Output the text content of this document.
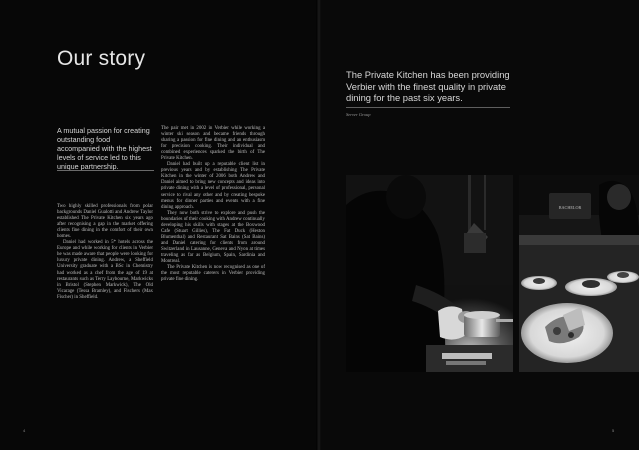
Our story
A mutual passion for creating outstanding food accompanied with the highest levels of service led to this unique partnership.

Two highly skilled professionals from polar backgrounds Daniel Gualotti and Andrew Taylor established The Private Kitchen six years ago after recognising a gap in the market offering clients fine dining in the comfort of their own homes.

Daniel had worked in 5* hotels across the Europe and while working for clients in Verbier he was made aware that people were looking for luxury private dining. Andrew, a Sheffield University graduate with a BSc in Chemistry had worked as a chef from the age of 19 at restaurants such as Terry Laybourne, Markwicks in Bristol (Stephen Markwick), The Old Vicarage (Tessa Bramley), and Fischers (Max Fischer) in Sheffield.

The pair met in 2002 in Verbier while working a winter ski season and became friends through sharing a passion for fine dining and an enthusiasm for precision cooking. Their individual and combined experiences sparked the birth of The Private Kitchen.

Daniel had built up a reputable client list in previous years and by establishing The Private Kitchen in the winter of 2006 both Andrew and Daniel aimed to bring new concepts and ideas into private dining with a level of professional, personal service to rival any other and by creating bespoke menus for dinner parties and events with a fine dining approach.

They now both strive to explore and push the boundaries of their cooking with Andrew continually developing his skills with stages at the Boxwood Cafe (Stuart Gillies), The Fat Duck (Heston Blumenthal) and Restaurant Sat Bains (Sat Bains) and Daniel catering for clients from around Switzerland in Lausanne, Geneva and Nyon at times traveling as far as Belgium, Spain, Sardinia and Montreal.

The Private Kitchen is now recognised as one of the most reputable caterers in Verbier providing private fine dining.

4
The Private Kitchen has been providing Verbier with the finest quality in private dining for the past six years.
Server Group
BACHELOR
5
